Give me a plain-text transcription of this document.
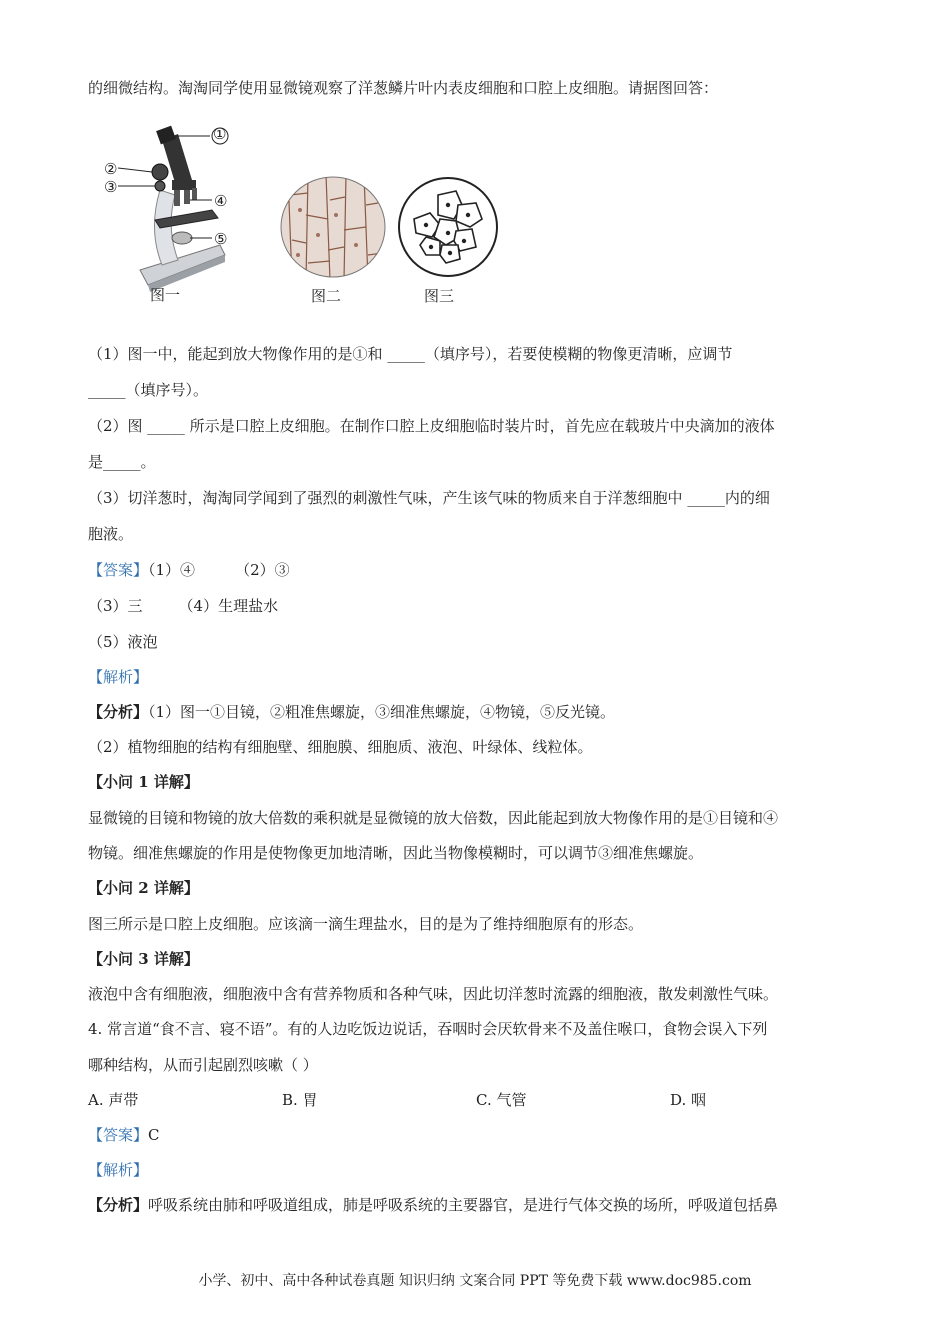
的细微结构。淘淘同学使用显微镜观察了洋葱鳞片叶内表皮细胞和口腔上皮细胞。请据图回答：
①
②
③
④
⑤
图一	图二	图三
（1）图一中，能起到放大物像作用的是①和 _____（填序号），若要使模糊的物像更清晰，应调节
_____（填序号）。
（2）图 _____ 所示是口腔上皮细胞。在制作口腔上皮细胞临时装片时，首先应在载玻片中央滴加的液体
是_____。
（3）切洋葱时，淘淘同学闻到了强烈的刺激性气味，产生该气味的物质来自于洋葱细胞中 _____内的细
胞液。
【答案】（1）④	（2）③
（3）三 （4）生理盐水
（5）液泡
【解析】
【分析】（1）图一①目镜，②粗准焦螺旋，③细准焦螺旋，④物镜，⑤反光镜。
（2）植物细胞的结构有细胞壁、细胞膜、细胞质、液泡、叶绿体、线粒体。
【小问 1 详解】
显微镜的目镜和物镜的放大倍数的乘积就是显微镜的放大倍数，因此能起到放大物像作用的是①目镜和④
物镜。细准焦螺旋的作用是使物像更加地清晰，因此当物像模糊时，可以调节③细准焦螺旋。
【小问 2 详解】
图三所示是口腔上皮细胞。应该滴一滴生理盐水，目的是为了维持细胞原有的形态。
【小问 3 详解】
液泡中含有细胞液，细胞液中含有营养物质和各种气味，因此切洋葱时流露的细胞液，散发刺激性气味。
4. 常言道“食不言、寝不语”。有的人边吃饭边说话，吞咽时会厌软骨来不及盖住喉口，食物会误入下列
哪种结构，从而引起剧烈咳嗽（ ）
A. 声带	B. 胃	C. 气管	D. 咽
【答案】C
【解析】
【分析】呼吸系统由肺和呼吸道组成，肺是呼吸系统的主要器官，是进行气体交换的场所，呼吸道包括鼻
小学、初中、高中各种试卷真题 知识归纳 文案合同 PPT 等免费下载 www.doc985.com
